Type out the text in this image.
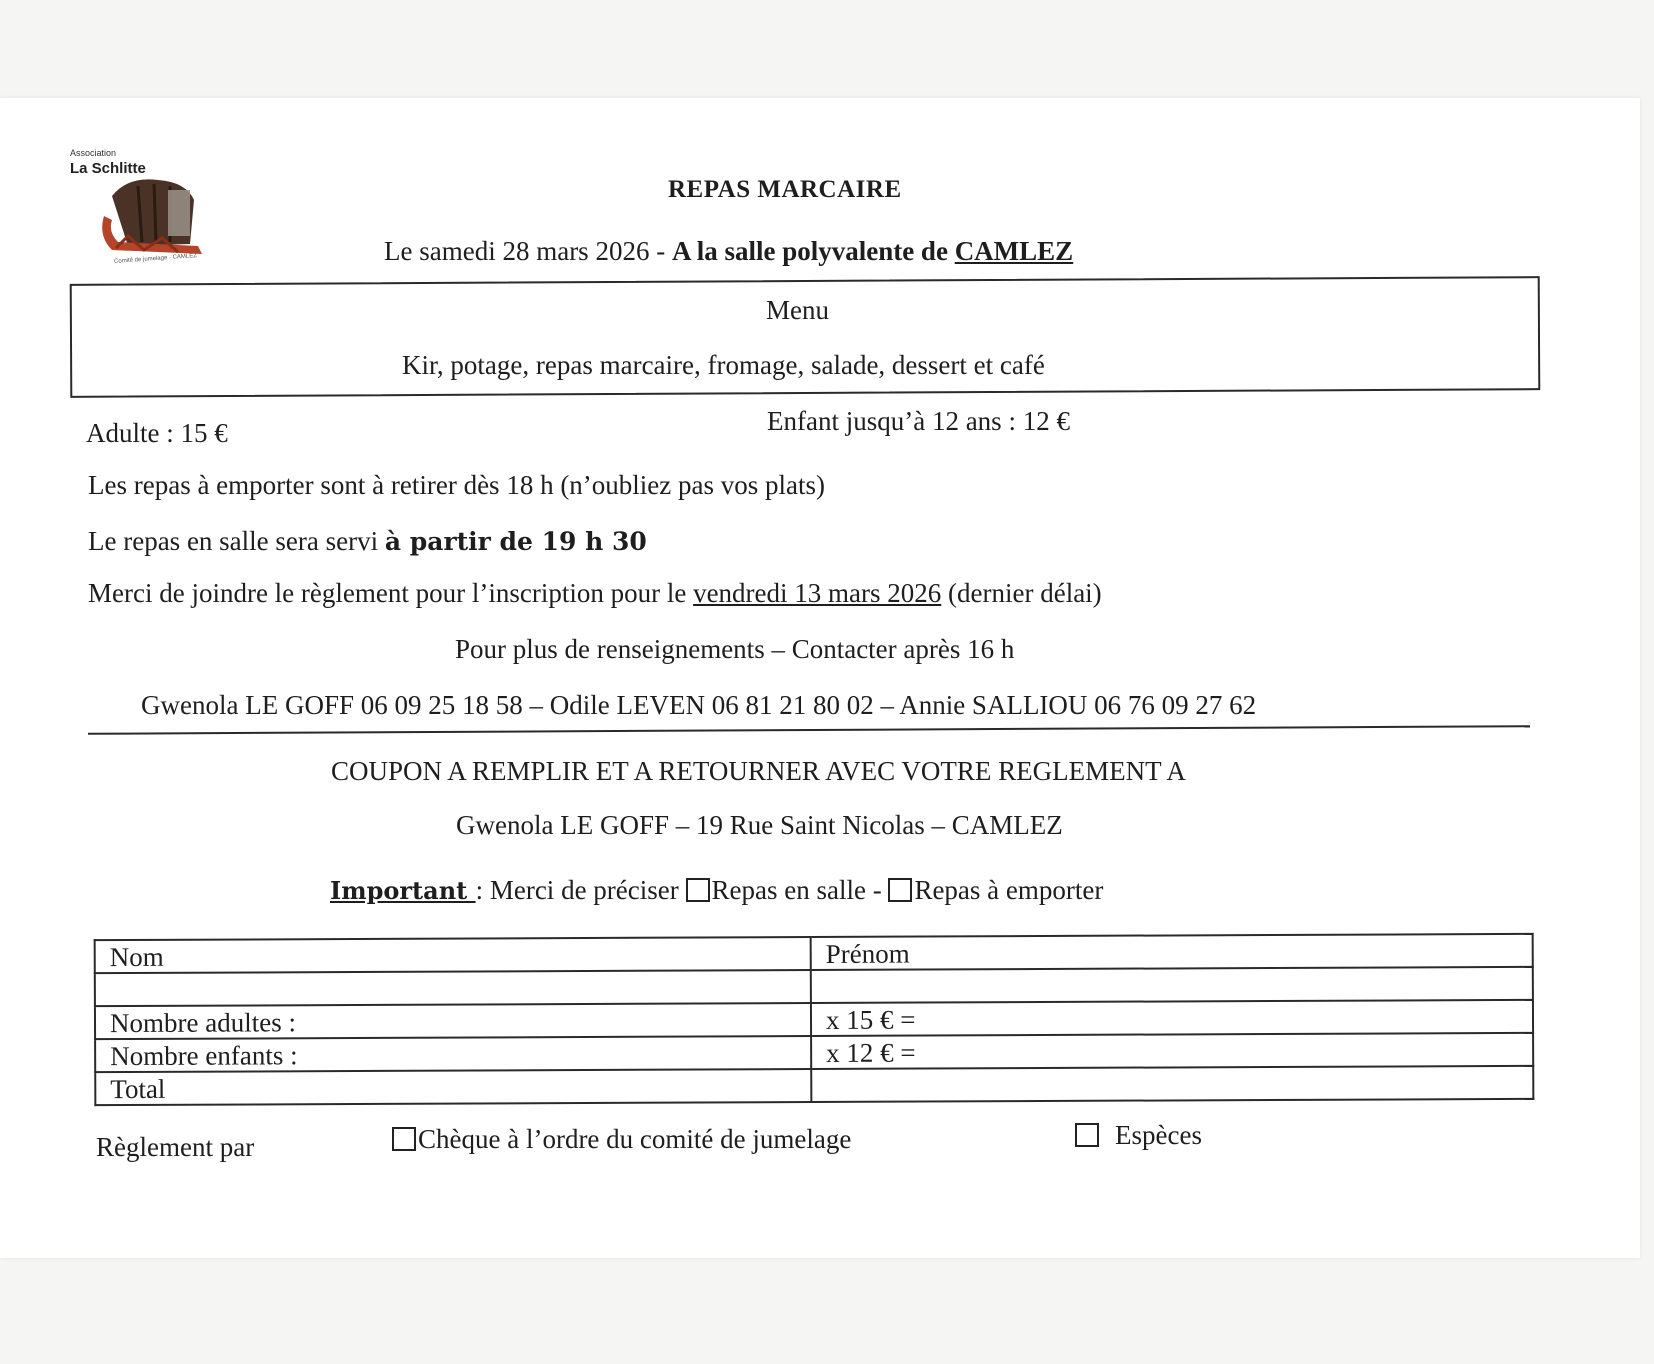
Association
La Schlitte
Comité de jumelage · CAMLEZ
REPAS MARCAIRE
Le samedi 28 mars 2026 - A la salle polyvalente de CAMLEZ
Menu
Kir, potage, repas marcaire, fromage, salade, dessert et café
Adulte : 15 €	Enfant jusqu’à 12 ans : 12 €
Les repas à emporter sont à retirer dès 18 h (n’oubliez pas vos plats)
Le repas en salle sera servi à partir de 19 h 30
Merci de joindre le règlement pour l’inscription pour le vendredi 13 mars 2026 (dernier délai)
Pour plus de renseignements – Contacter après 16 h
Gwenola LE GOFF 06 09 25 18 58 – Odile LEVEN 06 81 21 80 02 – Annie SALLIOU 06 76 09 27 62
COUPON A REMPLIR ET A RETOURNER AVEC VOTRE REGLEMENT A
Gwenola LE GOFF – 19 Rue Saint Nicolas – CAMLEZ
Important : Merci de préciser Repas en salle - Repas à emporter
Nom	Prénom

Nombre adultes :	x 15 € =
Nombre enfants :	x 12 € =
Total	
Règlement par	Chèque à l’ordre du comité de jumelage	Espèces
